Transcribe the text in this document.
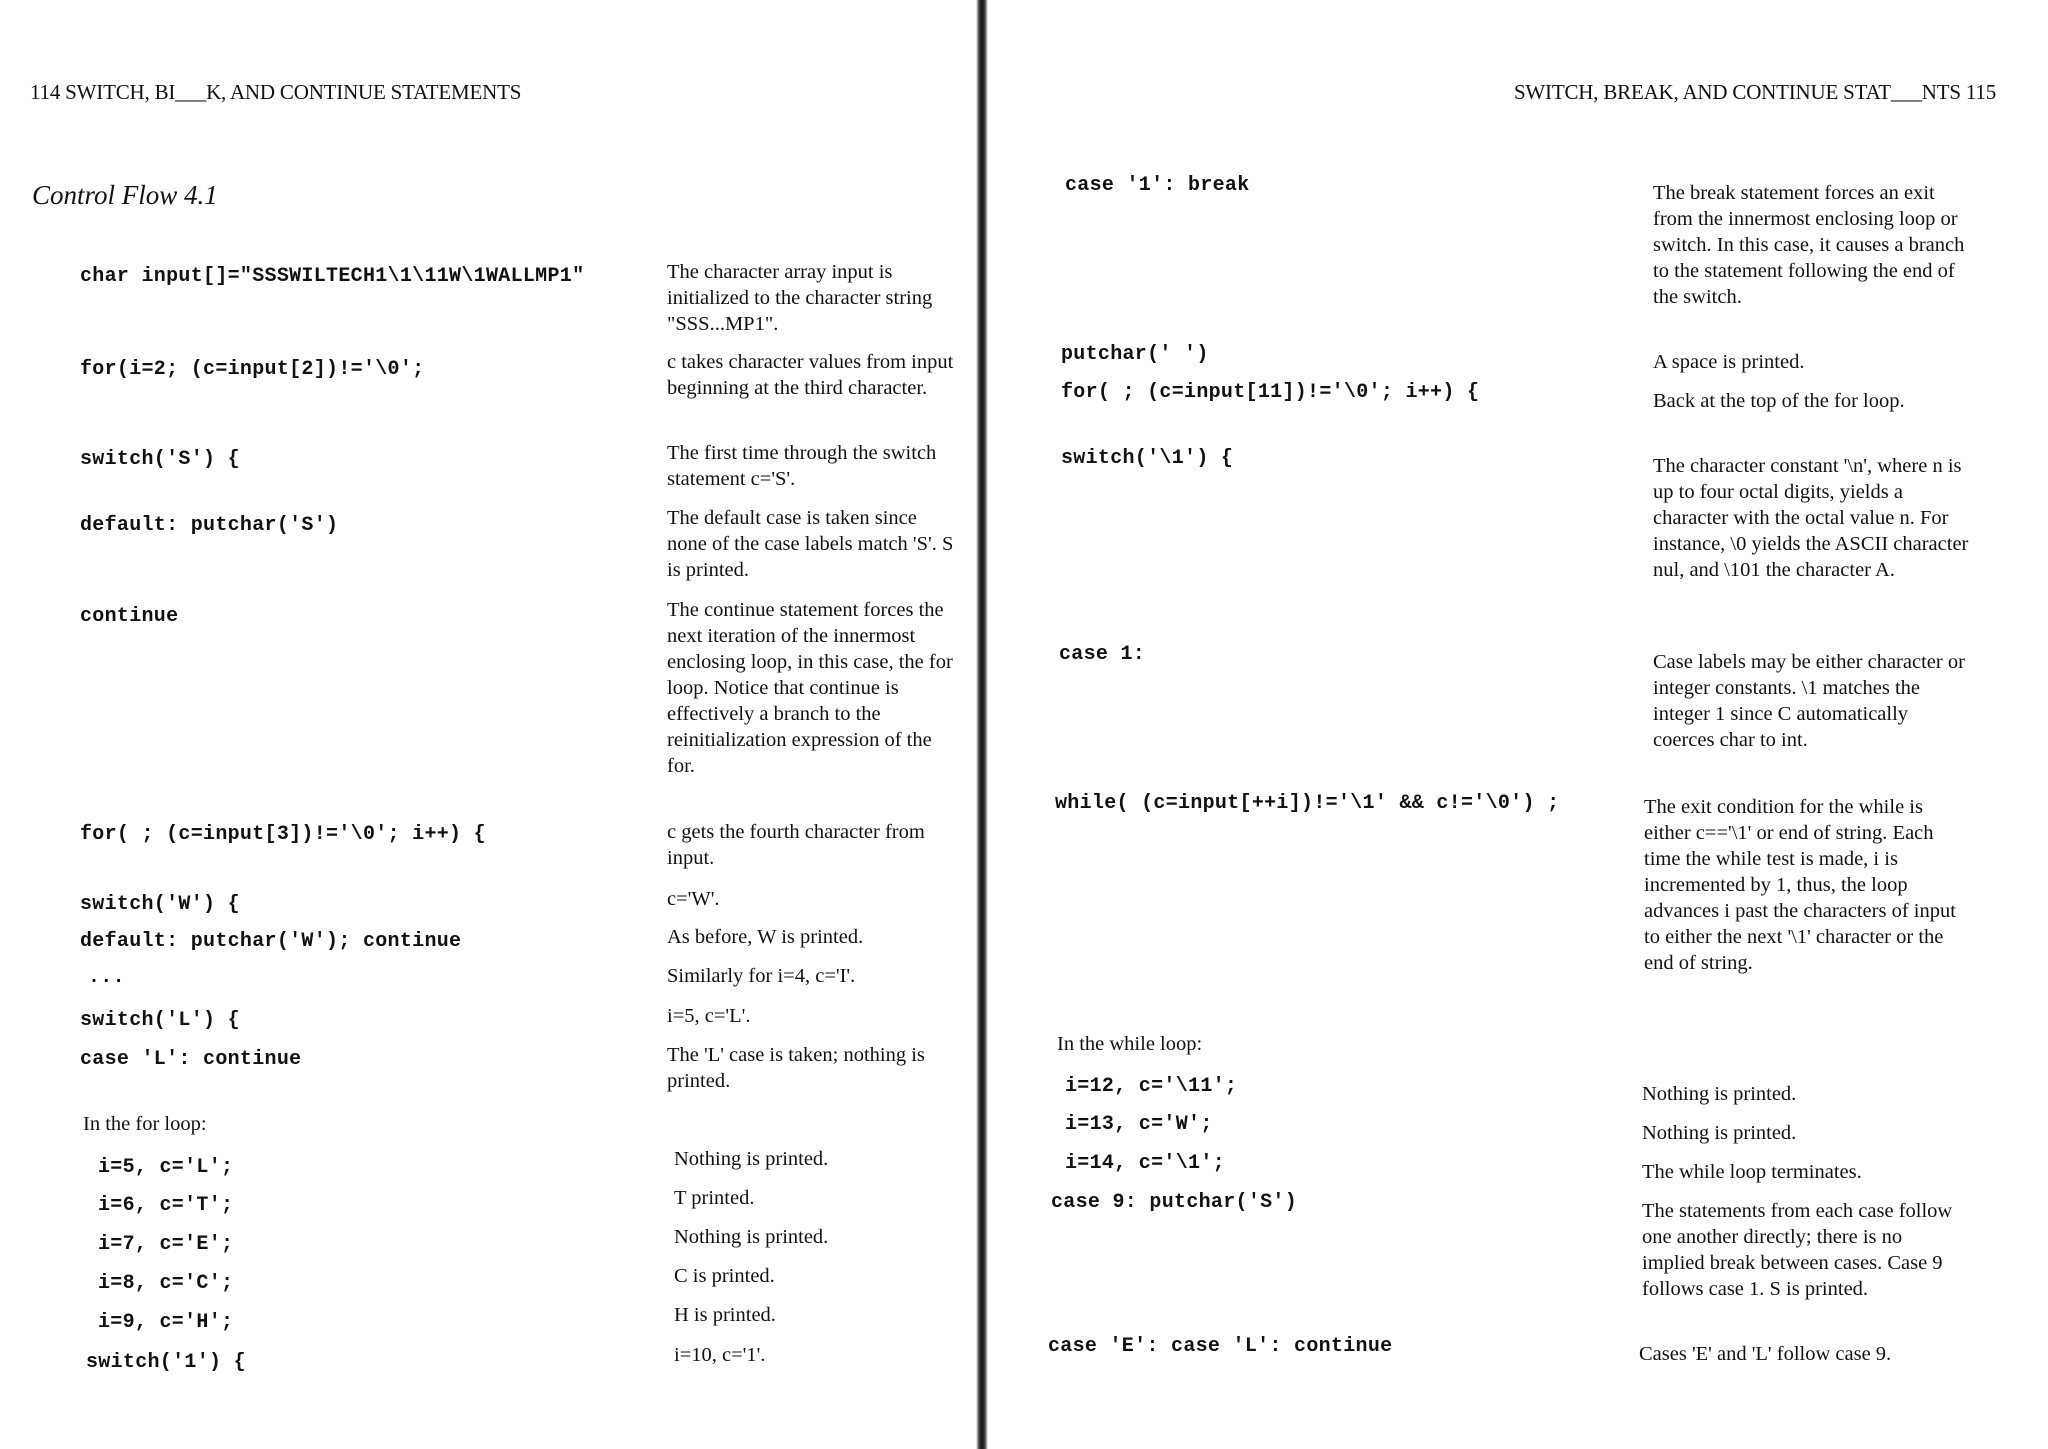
114 SWITCH, BI___K, AND CONTINUE STATEMENTS
Control Flow 4.1
char input[]="SSSWILTECH1\1\11W\1WALLMP1"	The character array input is initialized to the character string "SSS...MP1".
for(i=2; (c=input[2])!='\0';	c takes character values from input beginning at the third character.
switch('S') {	The first time through the switch statement c='S'.
default: putchar('S')	The default case is taken since none of the case labels match 'S'. S is printed.
continue	The continue statement forces the next iteration of the innermost enclosing loop, in this case, the for loop. Notice that continue is effectively a branch to the reinitialization expression of the for.
for( ; (c=input[3])!='\0'; i++) {	c gets the fourth character from input.
switch('W') {	c='W'.
default: putchar('W'); continue	As before, W is printed.
...	Similarly for i=4, c='I'.
switch('L') {	i=5, c='L'.
case 'L': continue	The 'L' case is taken; nothing is printed.
In the for loop:
i=5, c='L';	Nothing is printed.
i=6, c='T';	T printed.
i=7, c='E';	Nothing is printed.
i=8, c='C';	C is printed.
i=9, c='H';	H is printed.
switch('1') {	i=10, c='1'.
SWITCH, BREAK, AND CONTINUE STAT___NTS 115
case '1': break	The break statement forces an exit from the innermost enclosing loop or switch. In this case, it causes a branch to the statement following the end of the switch.
putchar(' ')	A space is printed.
for( ; (c=input[11])!='\0'; i++) {	Back at the top of the for loop.
switch('\1') {	The character constant '\n', where n is up to four octal digits, yields a character with the octal value n. For instance, \0 yields the ASCII character nul, and \101 the character A.
case 1:	Case labels may be either character or integer constants. \1 matches the integer 1 since C automatically coerces char to int.
while( (c=input[++i])!='\1' && c!='\0') ;	The exit condition for the while is either c=='\1' or end of string. Each time the while test is made, i is incremented by 1, thus, the loop advances i past the characters of input to either the next '\1' character or the end of string.
In the while loop:
i=12, c='\11';	Nothing is printed.
i=13, c='W';	Nothing is printed.
i=14, c='\1';	The while loop terminates.
case 9: putchar('S')	The statements from each case follow one another directly; there is no implied break between cases. Case 9 follows case 1. S is printed.
case 'E': case 'L': continue	Cases 'E' and 'L' follow case 9.
